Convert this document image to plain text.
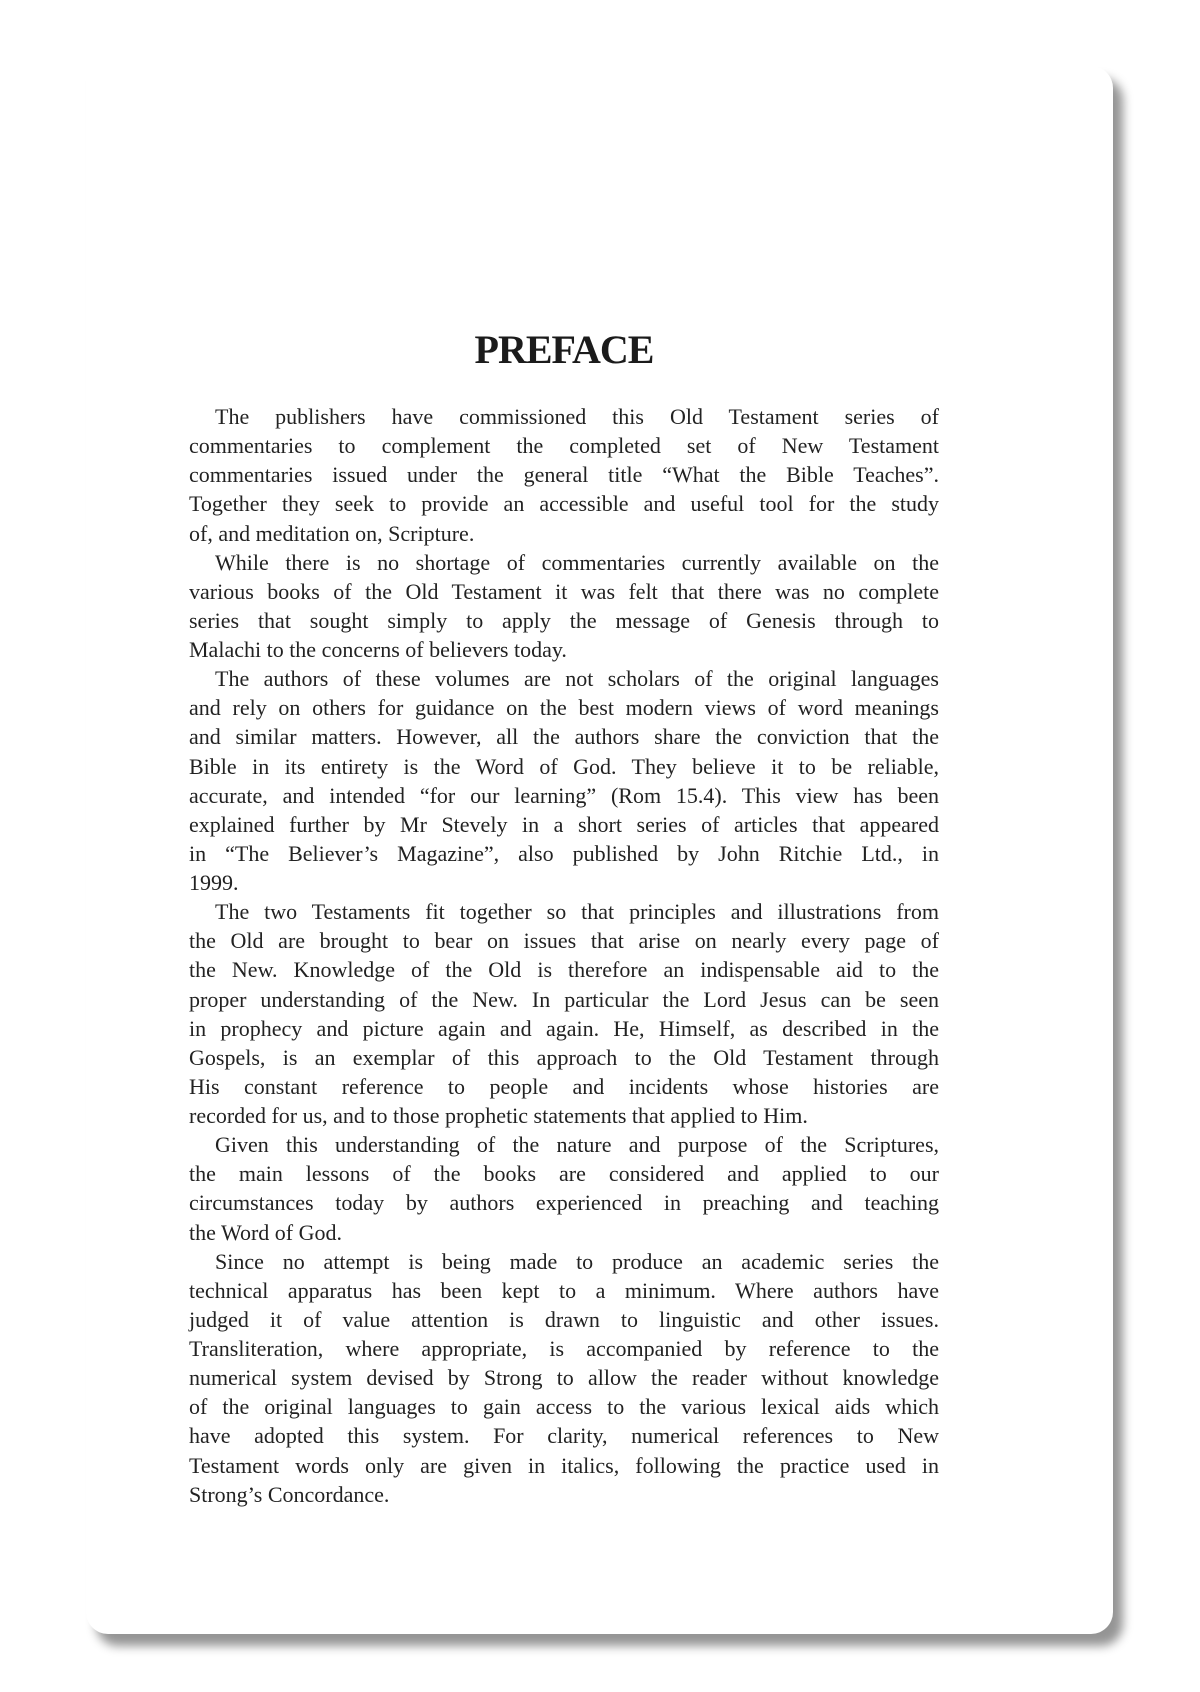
PREFACE
The publishers have commissioned this Old Testament series of
commentaries to complement the completed set of New Testament
commentaries issued under the general title “What the Bible Teaches”.
Together they seek to provide an accessible and useful tool for the study
of, and meditation on, Scripture.
While there is no shortage of commentaries currently available on the
various books of the Old Testament it was felt that there was no complete
series that sought simply to apply the message of Genesis through to
Malachi to the concerns of believers today.
The authors of these volumes are not scholars of the original languages
and rely on others for guidance on the best modern views of word meanings
and similar matters. However, all the authors share the conviction that the
Bible in its entirety is the Word of God. They believe it to be reliable,
accurate, and intended “for our learning” (Rom 15.4). This view has been
explained further by Mr Stevely in a short series of articles that appeared
in “The Believer’s Magazine”, also published by John Ritchie Ltd., in
1999.
The two Testaments fit together so that principles and illustrations from
the Old are brought to bear on issues that arise on nearly every page of
the New. Knowledge of the Old is therefore an indispensable aid to the
proper understanding of the New. In particular the Lord Jesus can be seen
in prophecy and picture again and again. He, Himself, as described in the
Gospels, is an exemplar of this approach to the Old Testament through
His constant reference to people and incidents whose histories are
recorded for us, and to those prophetic statements that applied to Him.
Given this understanding of the nature and purpose of the Scriptures,
the main lessons of the books are considered and applied to our
circumstances today by authors experienced in preaching and teaching
the Word of God.
Since no attempt is being made to produce an academic series the
technical apparatus has been kept to a minimum. Where authors have
judged it of value attention is drawn to linguistic and other issues.
Transliteration, where appropriate, is accompanied by reference to the
numerical system devised by Strong to allow the reader without knowledge
of the original languages to gain access to the various lexical aids which
have adopted this system. For clarity, numerical references to New
Testament words only are given in italics, following the practice used in
Strong’s Concordance.
